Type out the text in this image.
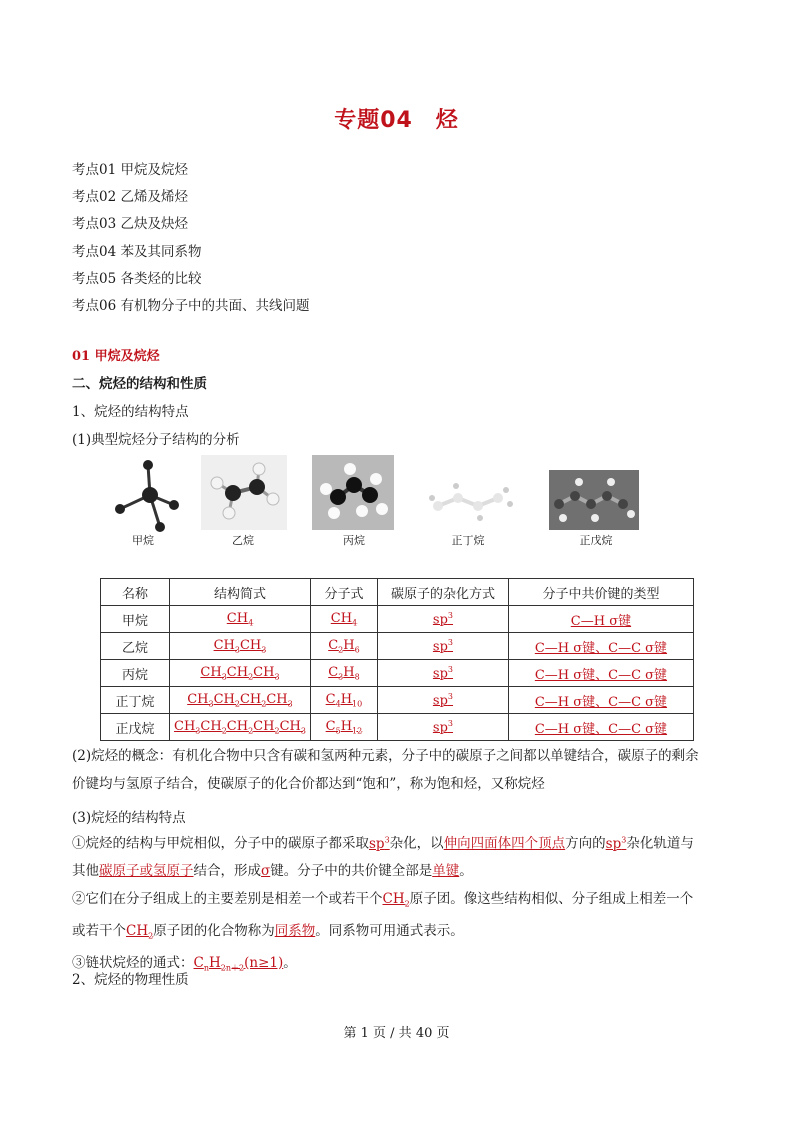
专题04　烃
考点01 甲烷及烷烃
考点02 乙烯及烯烃
考点03 乙炔及炔烃
考点04 苯及其同系物
考点05 各类烃的比较
考点06 有机物分子中的共面、共线问题
01 甲烷及烷烃
二、烷烃的结构和性质
1、烷烃的结构特点
(1)典型烷烃分子结构的分析
甲烷	乙烷	丙烷	正丁烷	正戊烷
名称	结构简式	分子式	碳原子的杂化方式	分子中共价键的类型
甲烷	$CH_4$	$CH_4$	$sp^3$	C—H σ键
乙烷	$CH_3CH_3$	$C_2H_6$	$sp^3$	C—H σ键、C—C σ键
丙烷	$CH_3CH_2CH_3$	$C_3H_8$	$sp^3$	C—H σ键、C—C σ键
正丁烷	$CH_3CH_2CH_2CH_3$	$C_4H_{10}$	$sp^3$	C—H σ键、C—C σ键
正戊烷	$CH_3CH_2CH_2CH_2CH_3$	$C_5H_{12}$	$sp^3$	C—H σ键、C—C σ键
(2)烷烃的概念：有机化合物中只含有碳和氢两种元素，分子中的碳原子之间都以单键结合，碳原子的剩余
价键均与氢原子结合，使碳原子的化合价都达到“饱和”，称为饱和烃，又称烷烃
(3)烷烃的结构特点
①烷烃的结构与甲烷相似，分子中的碳原子都采取$sp^3$杂化，以伸向四面体四个顶点方向的$sp^3$杂化轨道与
其他碳原子或氢原子结合，形成σ键。分子中的共价键全部是单键。
②它们在分子组成上的主要差别是相差一个或若干个$CH_2$原子团。像这些结构相似、分子组成上相差一个
或若干个$CH_2$原子团的化合物称为同系物。同系物可用通式表示。
③链状烷烃的通式：$C_nH_{2n+2}(n\ge 1)$。
2、烷烃的物理性质
第 1 页 / 共 40 页
